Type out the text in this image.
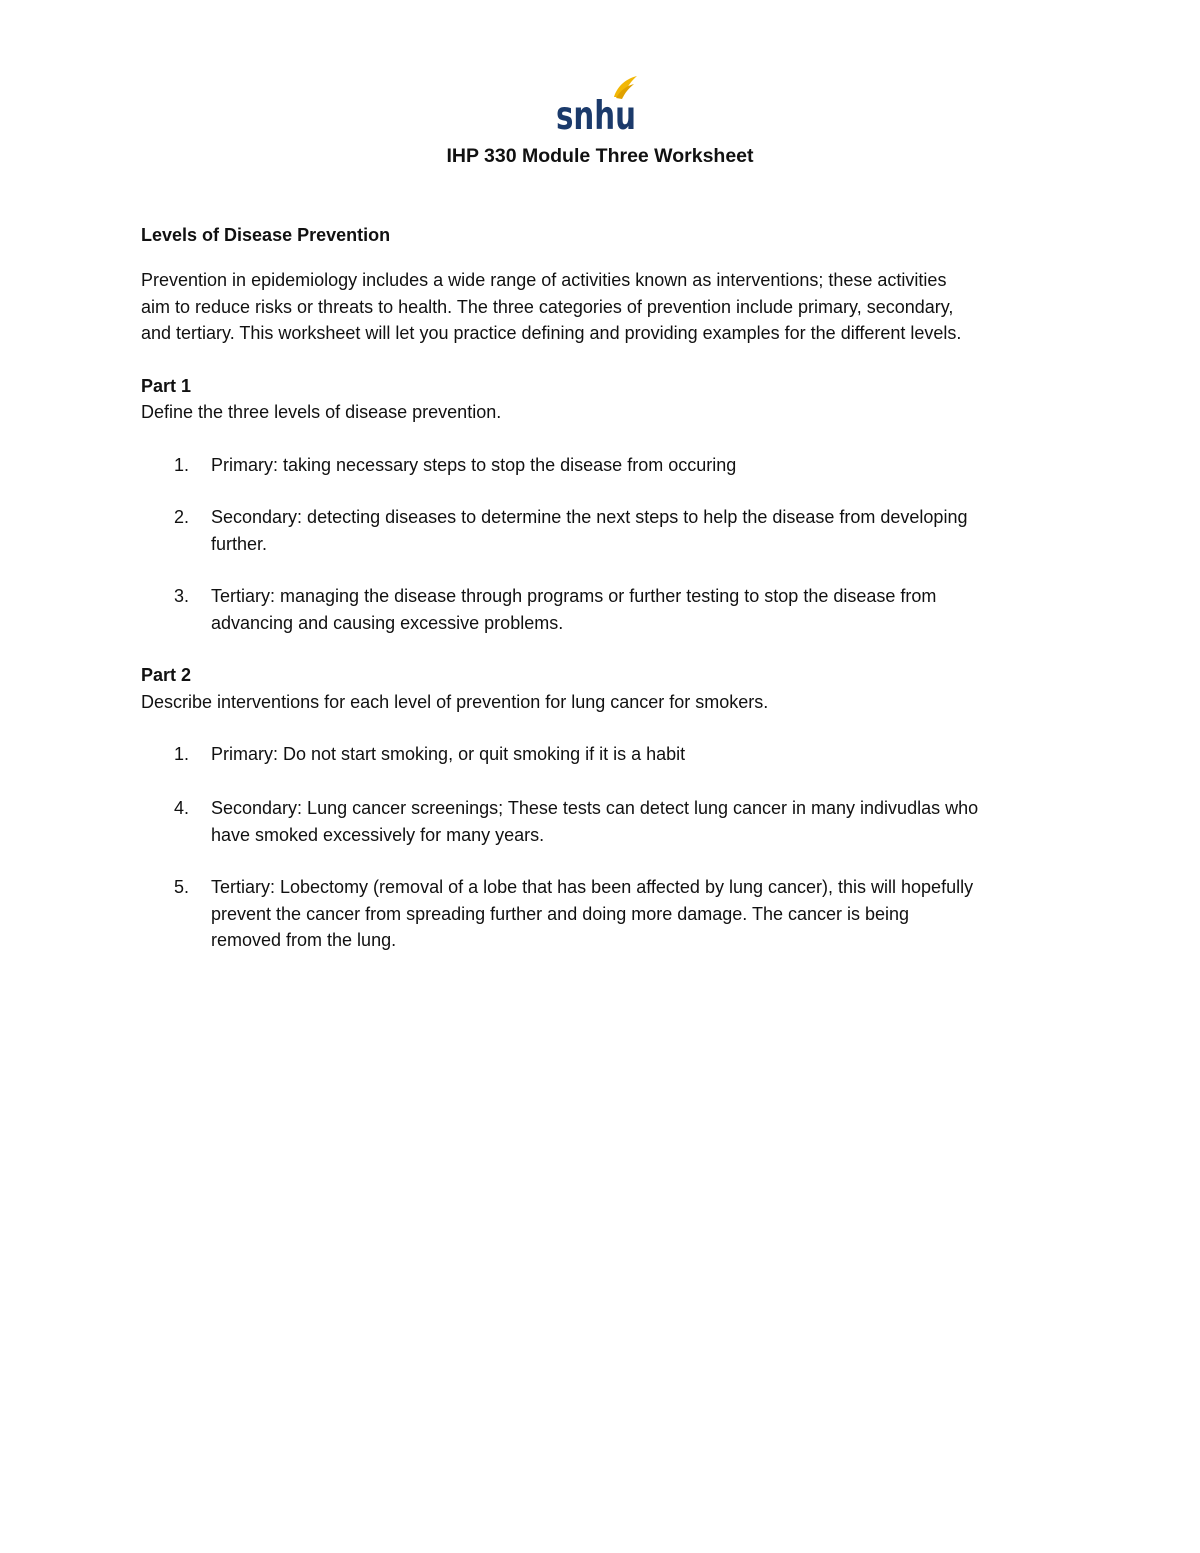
snhu
IHP 330 Module Three Worksheet
Levels of Disease Prevention
Prevention in epidemiology includes a wide range of activities known as interventions; these activities
aim to reduce risks or threats to health. The three categories of prevention include primary, secondary,
and tertiary. This worksheet will let you practice defining and providing examples for the different levels.
Part 1
Define the three levels of disease prevention.
1.	Primary: taking necessary steps to stop the disease from occuring
2.	Secondary: detecting diseases to determine the next steps to help the disease from developing
further.
3.	Tertiary: managing the disease through programs or further testing to stop the disease from
advancing and causing excessive problems.
Part 2
Describe interventions for each level of prevention for lung cancer for smokers.
1.	Primary: Do not start smoking, or quit smoking if it is a habit
4.	Secondary: Lung cancer screenings; These tests can detect lung cancer in many indivudlas who
have smoked excessively for many years.
5.	Tertiary: Lobectomy (removal of a lobe that has been affected by lung cancer), this will hopefully
prevent the cancer from spreading further and doing more damage. The cancer is being
removed from the lung.
